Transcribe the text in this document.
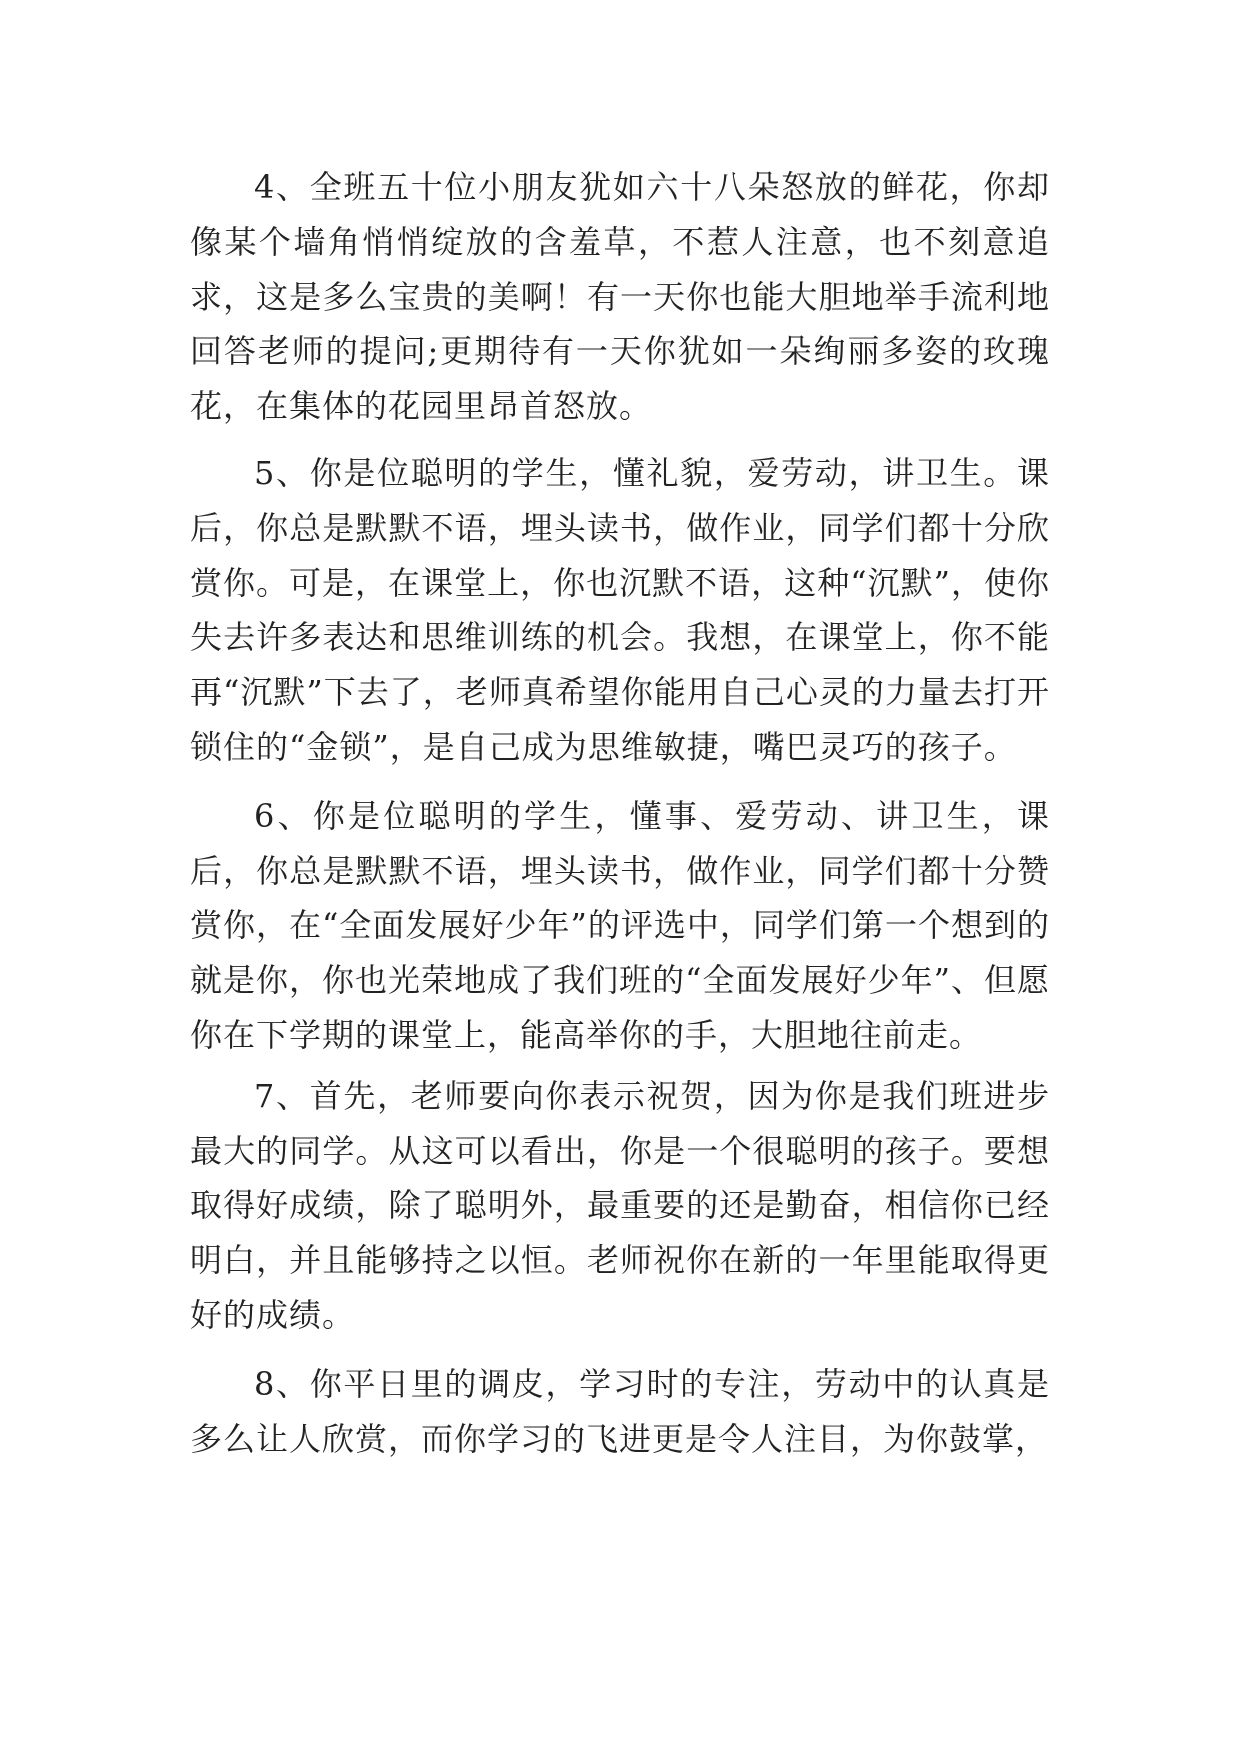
4、全班五十位小朋友犹如六十八朵怒放的鲜花，你却像某个墙角悄悄绽放的含羞草，不惹人注意，也不刻意追求，这是多么宝贵的美啊！有一天你也能大胆地举手流利地回答老师的提问;更期待有一天你犹如一朵绚丽多姿的玫瑰花，在集体的花园里昂首怒放。

5、你是位聪明的学生，懂礼貌，爱劳动，讲卫生。课后，你总是默默不语，埋头读书，做作业，同学们都十分欣赏你。可是，在课堂上，你也沉默不语，这种“沉默”，使你失去许多表达和思维训练的机会。我想，在课堂上，你不能再“沉默”下去了，老师真希望你能用自己心灵的力量去打开锁住的“金锁”，是自己成为思维敏捷，嘴巴灵巧的孩子。

6、你是位聪明的学生，懂事、爱劳动、讲卫生，课后，你总是默默不语，埋头读书，做作业，同学们都十分赞赏你，在“全面发展好少年”的评选中，同学们第一个想到的就是你，你也光荣地成了我们班的“全面发展好少年”、但愿你在下学期的课堂上，能高举你的手，大胆地往前走。

7、首先，老师要向你表示祝贺，因为你是我们班进步最大的同学。从这可以看出，你是一个很聪明的孩子。要想取得好成绩，除了聪明外，最重要的还是勤奋，相信你已经明白，并且能够持之以恒。老师祝你在新的一年里能取得更好的成绩。

8、你平日里的调皮，学习时的专注，劳动中的认真是多么让人欣赏，而你学习的飞进更是令人注目，为你鼓掌，
